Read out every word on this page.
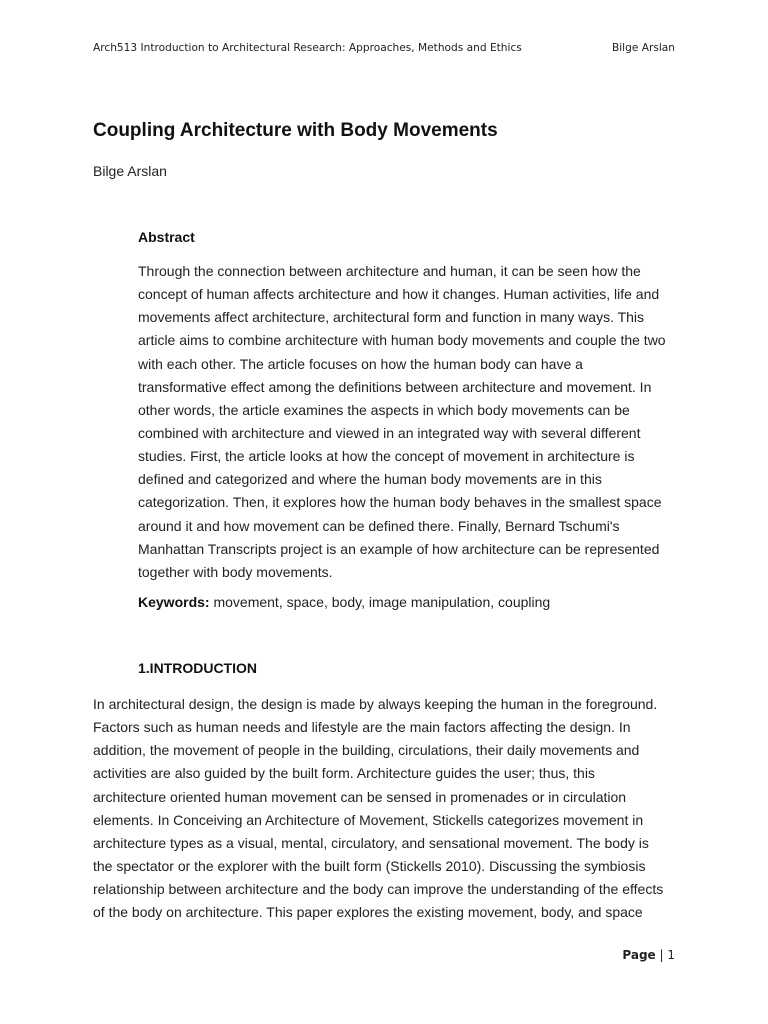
Arch513 Introduction to Architectural Research: Approaches, Methods and Ethics	Bilge Arslan
Coupling Architecture with Body Movements
Bilge Arslan
Abstract
Through the connection between architecture and human, it can be seen how the
concept of human affects architecture and how it changes. Human activities, life and
movements affect architecture, architectural form and function in many ways. This
article aims to combine architecture with human body movements and couple the two
with each other. The article focuses on how the human body can have a
transformative effect among the definitions between architecture and movement. In
other words, the article examines the aspects in which body movements can be
combined with architecture and viewed in an integrated way with several different
studies. First, the article looks at how the concept of movement in architecture is
defined and categorized and where the human body movements are in this
categorization. Then, it explores how the human body behaves in the smallest space
around it and how movement can be defined there. Finally, Bernard Tschumi's
Manhattan Transcripts project is an example of how architecture can be represented
together with body movements.
Keywords: movement, space, body, image manipulation, coupling
1.INTRODUCTION
In architectural design, the design is made by always keeping the human in the foreground.
Factors such as human needs and lifestyle are the main factors affecting the design. In
addition, the movement of people in the building, circulations, their daily movements and
activities are also guided by the built form. Architecture guides the user; thus, this
architecture oriented human movement can be sensed in promenades or in circulation
elements. In Conceiving an Architecture of Movement, Stickells categorizes movement in
architecture types as a visual, mental, circulatory, and sensational movement. The body is
the spectator or the explorer with the built form (Stickells 2010). Discussing the symbiosis
relationship between architecture and the body can improve the understanding of the effects
of the body on architecture. This paper explores the existing movement, body, and space
Page | 1
